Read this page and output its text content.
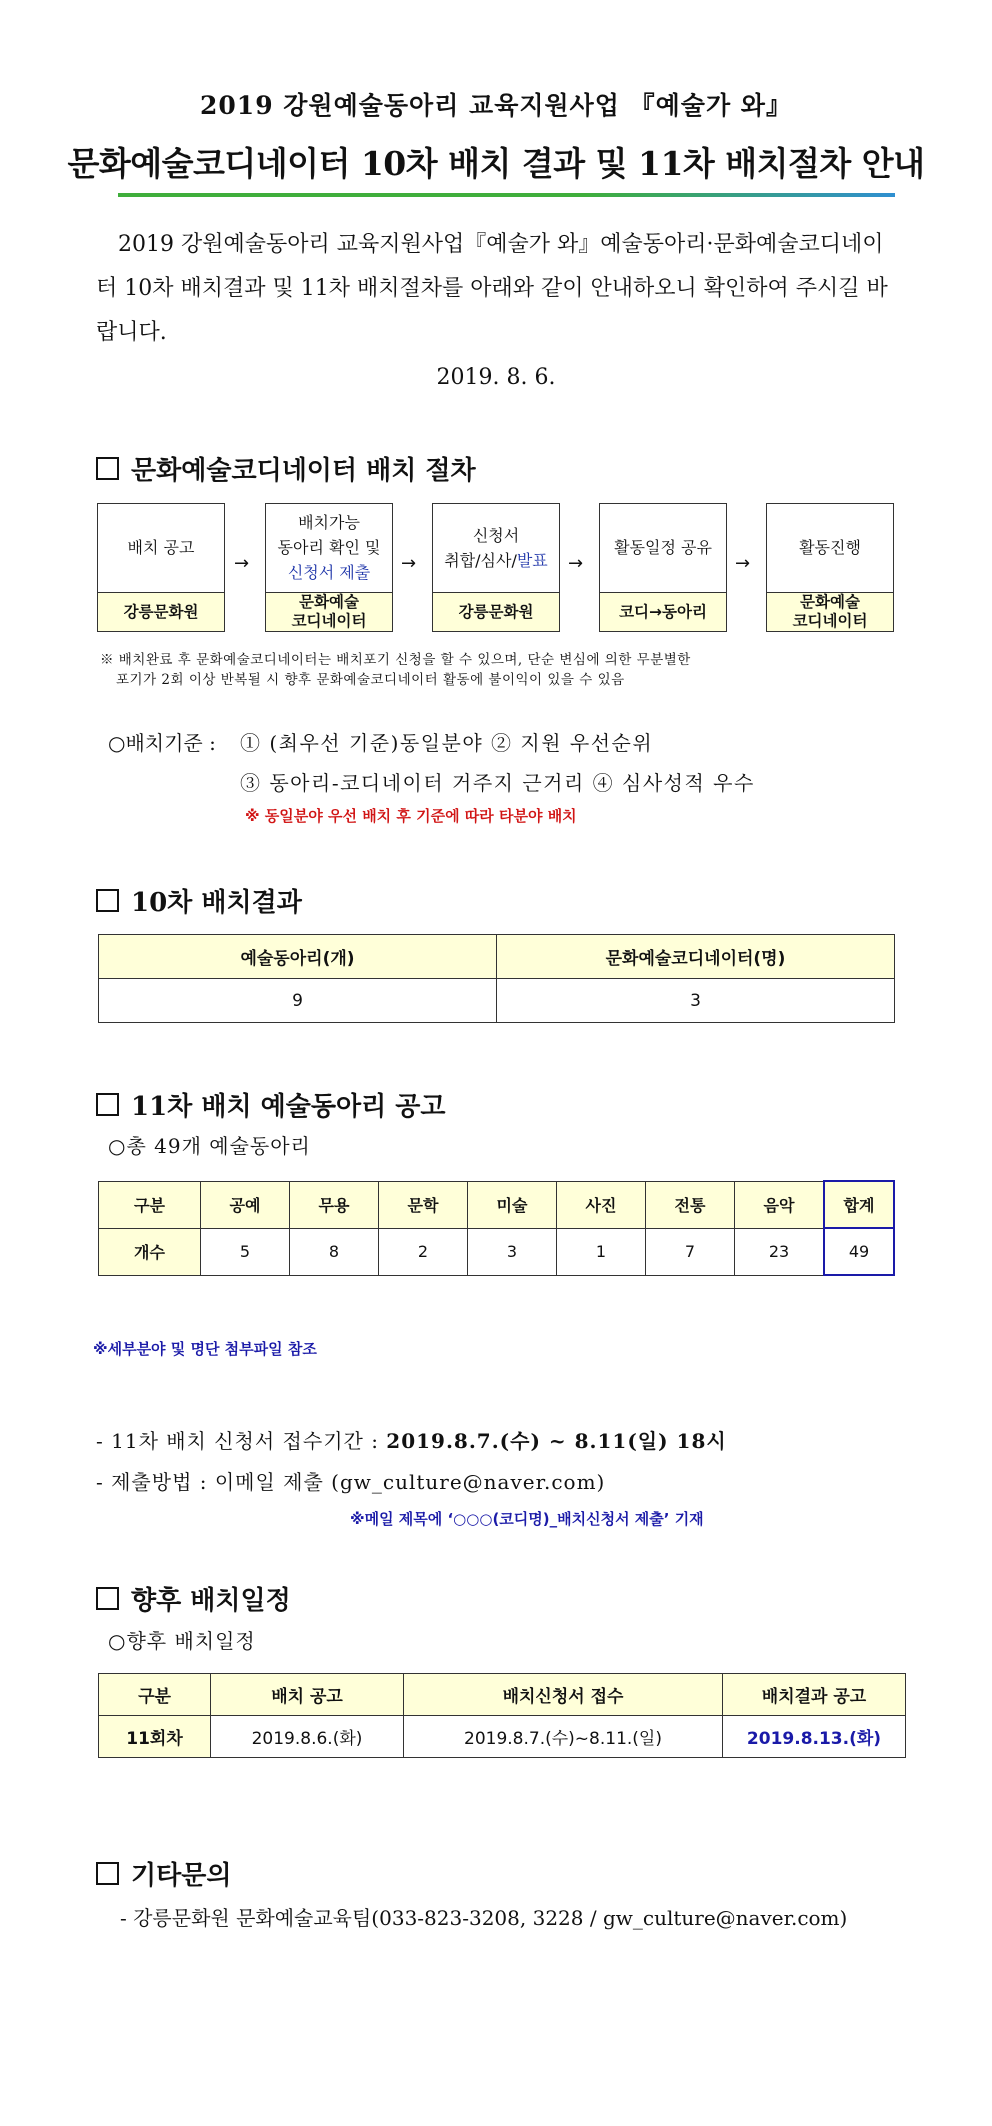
2019 강원예술동아리 교육지원사업 『예술가 와』
문화예술코디네이터 10차 배치 결과 및 11차 배치절차 안내
2019 강원예술동아리 교육지원사업『예술가 와』예술동아리·문화예술코디네이터 10차 배치결과 및 11차 배치절차를 아래와 같이 안내하오니 확인하여 주시길 바랍니다.
2019. 8. 6.
문화예술코디네이터 배치 절차
배치 공고
강릉문화원
→
배치가능
동아리 확인 및
신청서 제출
문화예술
코디네이터
→
신청서
취합/심사/발표
강릉문화원
→
활동일정 공유
코디→동아리
→
활동진행
문화예술
코디네이터
※ 배치완료 후 문화예술코디네이터는 배치포기 신청을 할 수 있으며, 단순 변심에 의한 무분별한
포기가 2회 이상 반복될 시 향후 문화예술코디네이터 활동에 불이익이 있을 수 있음
○배치기준 : ① (최우선 기준)동일분야 ② 지원 우선순위
③ 동아리-코디네이터 거주지 근거리 ④ 심사성적 우수
※ 동일분야 우선 배치 후 기준에 따라 타분야 배치
10차 배치결과
예술동아리(개)	문화예술코디네이터(명)
9	3
11차 배치 예술동아리 공고
○총 49개 예술동아리
구분	공예	무용	문학	미술	사진	전통	음악	합계
개수	5	8	2	3	1	7	23	49
※세부분야 및 명단 첨부파일 참조
- 11차 배치 신청서 접수기간 : 2019.8.7.(수) ~ 8.11(일) 18시
- 제출방법 : 이메일 제출 (gw_culture@naver.com)
※메일 제목에 ‘○○○(코디명)_배치신청서 제출’ 기재
향후 배치일정
○향후 배치일정
구분	배치 공고	배치신청서 접수	배치결과 공고
11회차	2019.8.6.(화)	2019.8.7.(수)~8.11.(일)	2019.8.13.(화)
기타문의
- 강릉문화원 문화예술교육팀(033-823-3208, 3228 / gw_culture@naver.com)
